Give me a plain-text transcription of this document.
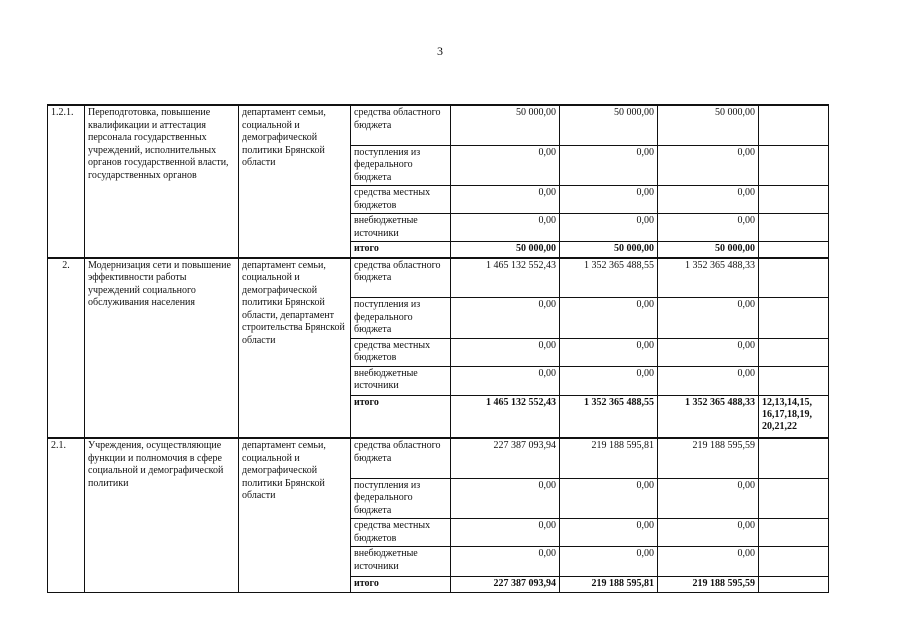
3
1.2.1.	Переподготовка, повышение квалификации и аттестация персонала государственных учреждений, исполнительных органов государственной власти, государственных органов	департамент семьи, социальной и демографической политики Брянской области	средства областного бюджета	50 000,00	50 000,00	50 000,00	
			поступления из федерального бюджета	0,00	0,00	0,00	
			средства местных бюджетов	0,00	0,00	0,00	
			внебюджетные источники	0,00	0,00	0,00	
			итого	50 000,00	50 000,00	50 000,00	
2.	Модернизация сети и повышение эффективности работы учреждений социального обслуживания населения	департамент семьи, социальной и демографической политики Брянской области, департамент строительства Брянской области	средства областного бюджета	1 465 132 552,43	1 352 365 488,55	1 352 365 488,33	
			поступления из федерального бюджета	0,00	0,00	0,00	
			средства местных бюджетов	0,00	0,00	0,00	
			внебюджетные источники	0,00	0,00	0,00	
			итого	1 465 132 552,43	1 352 365 488,55	1 352 365 488,33	12,13,14,15, 16,17,18,19, 20,21,22
2.1.	Учреждения, осуществляющие функции и полномочия в сфере социальной и демографической политики	департамент семьи, социальной и демографической политики Брянской области	средства областного бюджета	227 387 093,94	219 188 595,81	219 188 595,59	
			поступления из федерального бюджета	0,00	0,00	0,00	
			средства местных бюджетов	0,00	0,00	0,00	
			внебюджетные источники	0,00	0,00	0,00	
			итого	227 387 093,94	219 188 595,81	219 188 595,59	
